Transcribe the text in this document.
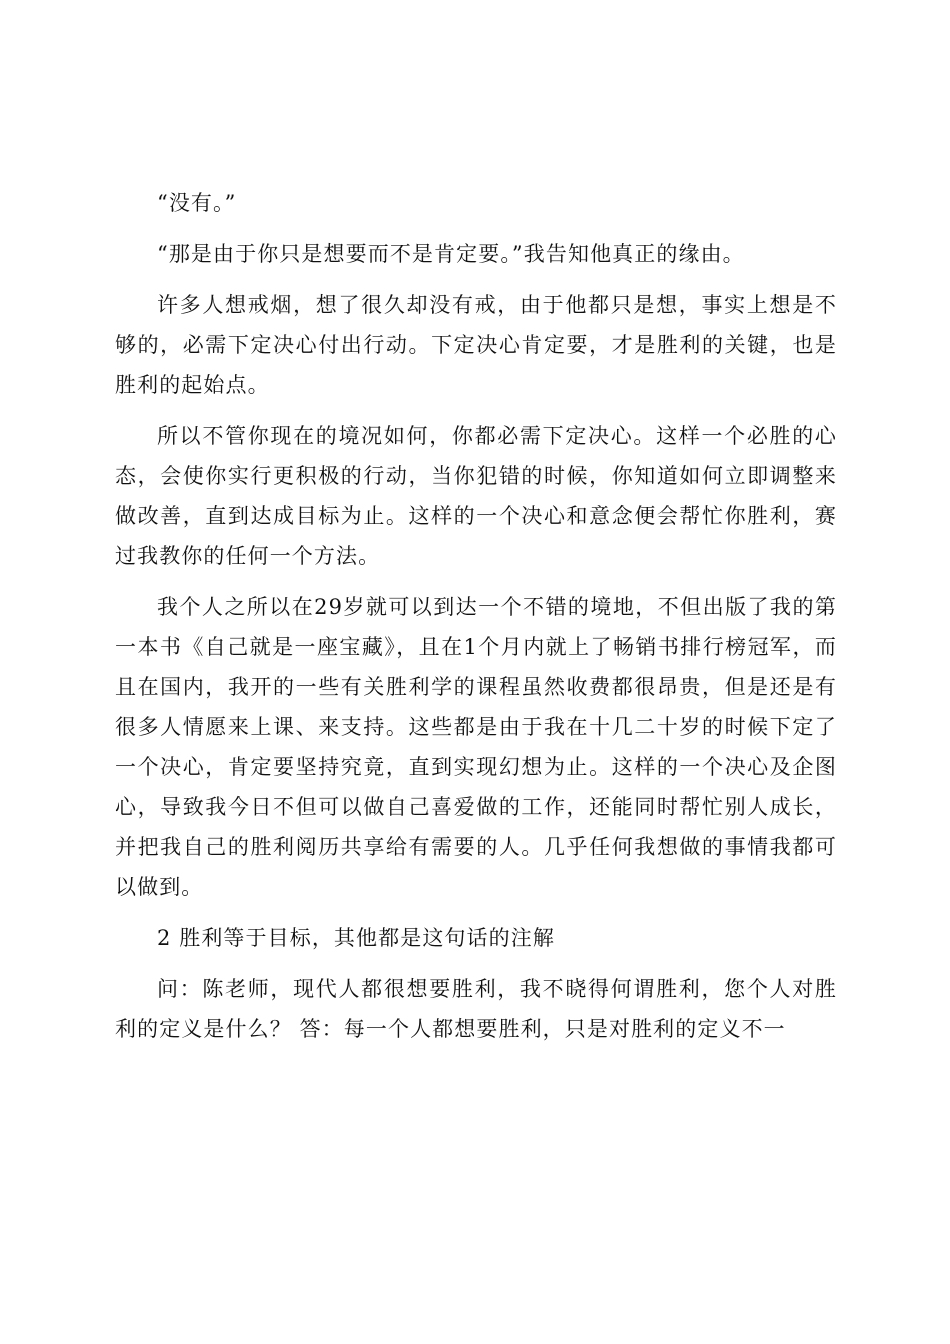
“没有。”

“那是由于你只是想要而不是肯定要。”我告知他真正的缘由。

许多人想戒烟，想了很久却没有戒，由于他都只是想，事实上想是不够的，必需下定决心付出行动。下定决心肯定要，才是胜利的关键，也是胜利的起始点。

所以不管你现在的境况如何，你都必需下定决心。这样一个必胜的心态，会使你实行更积极的行动，当你犯错的时候，你知道如何立即调整来做改善，直到达成目标为止。这样的一个决心和意念便会帮忙你胜利，赛过我教你的任何一个方法。

我个人之所以在29岁就可以到达一个不错的境地，不但出版了我的第一本书《自己就是一座宝藏》，且在1个月内就上了畅销书排行榜冠军，而且在国内，我开的一些有关胜利学的课程虽然收费都很昂贵，但是还是有很多人情愿来上课、来支持。这些都是由于我在十几二十岁的时候下定了一个决心，肯定要坚持究竟，直到实现幻想为止。这样的一个决心及企图心，导致我今日不但可以做自己喜爱做的工作，还能同时帮忙别人成长，并把我自己的胜利阅历共享给有需要的人。几乎任何我想做的事情我都可以做到。

2 胜利等于目标，其他都是这句话的注解

问：陈老师，现代人都很想要胜利，我不晓得何谓胜利，您个人对胜利的定义是什么？ 答：每一个人都想要胜利，只是对胜利的定义不一
